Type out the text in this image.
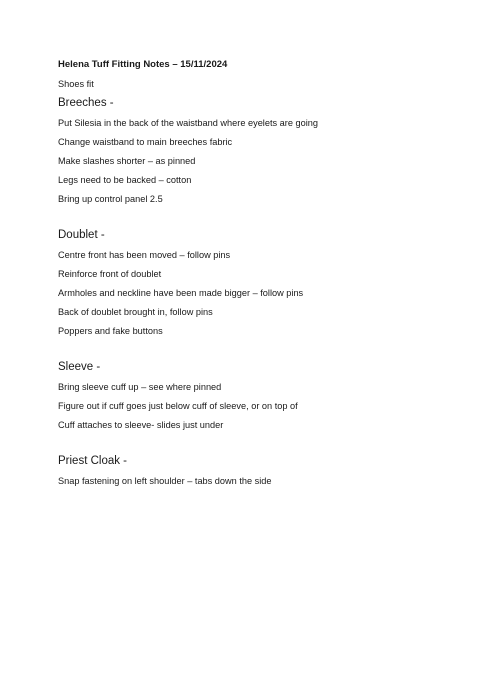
Helena Tuff Fitting Notes – 15/11/2024

Shoes fit

Breeches -

Put Silesia in the back of the waistband where eyelets are going

Change waistband to main breeches fabric

Make slashes shorter – as pinned

Legs need to be backed – cotton

Bring up control panel 2.5

Doublet -

Centre front has been moved – follow pins

Reinforce front of doublet

Armholes and neckline have been made bigger – follow pins

Back of doublet brought in, follow pins

Poppers and fake buttons

Sleeve -

Bring sleeve cuff up – see where pinned

Figure out if cuff goes just below cuff of sleeve, or on top of

Cuff attaches to sleeve- slides just under

Priest Cloak -

Snap fastening on left shoulder – tabs down the side
